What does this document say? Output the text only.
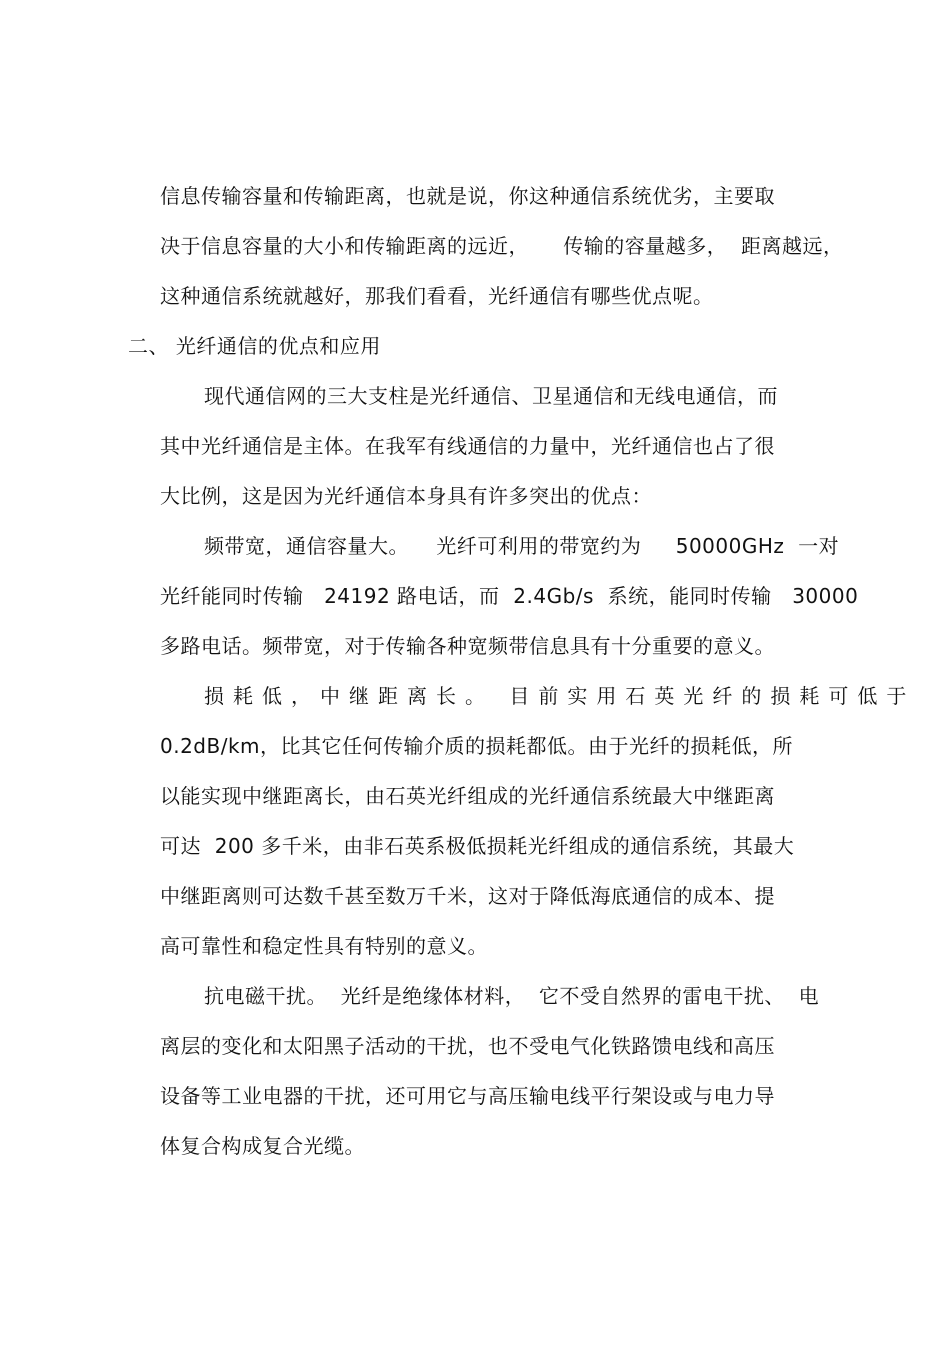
信息传输容量和传输距离，也就是说，你这种通信系统优劣，主要取
决于信息容量的大小和传输距离的远近，     传输的容量越多，  距离越远，
这种通信系统就越好，那我们看看，光纤通信有哪些优点呢。
二、 光纤通信的优点和应用
现代通信网的三大支柱是光纤通信、卫星通信和无线电通信，而
其中光纤通信是主体。在我军有线通信的力量中，光纤通信也占了很
大比例，这是因为光纤通信本身具有许多突出的优点：
频带宽，通信容量大。    光纤可利用的带宽约为     50000GHz  一对
光纤能同时传输   24192 路电话，而  2.4Gb/s  系统，能同时传输   30000
多路电话。频带宽，对于传输各种宽频带信息具有十分重要的意义。
损耗低，中继距离长。 目前实用石英光纤的损耗可低于
0.2dB/km，比其它任何传输介质的损耗都低。由于光纤的损耗低，所
以能实现中继距离长，由石英光纤组成的光纤通信系统最大中继距离
可达  200 多千米，由非石英系极低损耗光纤组成的通信系统，其最大
中继距离则可达数千甚至数万千米，这对于降低海底通信的成本、提
高可靠性和稳定性具有特别的意义。
抗电磁干扰。  光纤是绝缘体材料，  它不受自然界的雷电干扰、  电
离层的变化和太阳黑子活动的干扰，也不受电气化铁路馈电线和高压
设备等工业电器的干扰，还可用它与高压输电线平行架设或与电力导
体复合构成复合光缆。
